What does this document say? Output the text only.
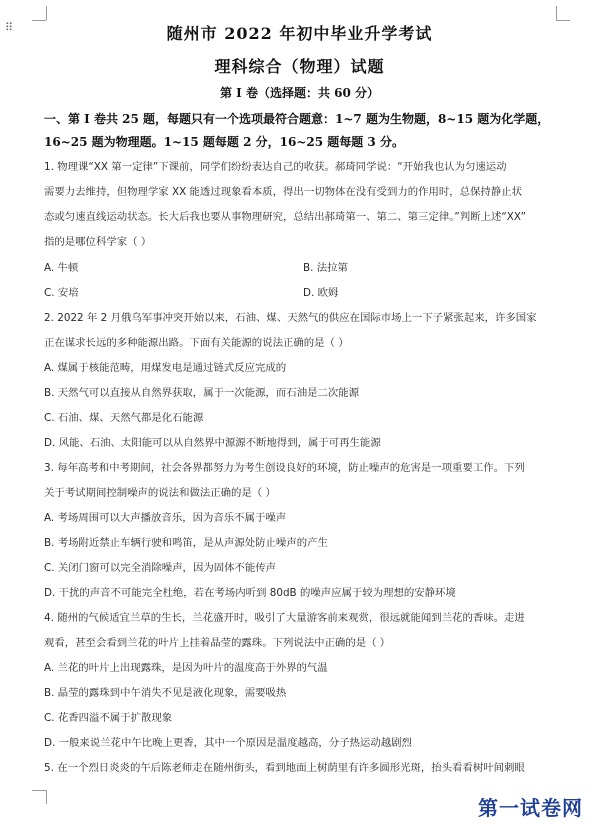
⠿	随州市 2022 年初中毕业升学考试
理科综合（物理）试题
第 I 卷（选择题：共 60 分）
一、第 I 卷共 25 题，每题只有一个选项最符合题意：1~7 题为生物题，8~15 题为化学题，16~25 题为物理题。1~15 题每题 2 分，16~25 题每题 3 分。
1. 物理课“XX 第一定律”下课前，同学们纷纷表达自己的收获。郝琦同学说：“开始我也认为匀速运动
需要力去维持，但物理学家 XX 能透过现象看本质，得出一切物体在没有受到力的作用时，总保持静止状
态或匀速直线运动状态。长大后我也要从事物理研究，总结出郝琦第一、第二、第三定律。”判断上述“XX”
指的是哪位科学家（ ）
A. 牛顿	B. 法拉第
C. 安培	D. 欧姆
2. 2022 年 2 月俄乌军事冲突开始以来，石油、煤、天然气的供应在国际市场上一下子紧张起来，许多国家
正在谋求长远的多种能源出路。下面有关能源的说法正确的是（ ）
A. 煤属于核能范畴，用煤发电是通过链式反应完成的
B. 天然气可以直接从自然界获取，属于一次能源，而石油是二次能源
C. 石油、煤、天然气都是化石能源
D. 风能、石油、太阳能可以从自然界中源源不断地得到，属于可再生能源
3. 每年高考和中考期间，社会各界都努力为考生创设良好的环境，防止噪声的危害是一项重要工作。下列
关于考试期间控制噪声的说法和做法正确的是（ ）
A. 考场周围可以大声播放音乐，因为音乐不属于噪声
B. 考场附近禁止车辆行驶和鸣笛，是从声源处防止噪声的产生
C. 关闭门窗可以完全消除噪声，因为固体不能传声
D. 干扰的声音不可能完全杜绝，若在考场内听到 80dB 的噪声应属于较为理想的安静环境
4. 随州的气候适宜兰草的生长，兰花盛开时，吸引了大量游客前来观赏，很远就能闻到兰花的香味。走进
观看，甚至会看到兰花的叶片上挂着晶莹的露珠。下列说法中正确的是（ ）
A. 兰花的叶片上出现露珠，是因为叶片的温度高于外界的气温
B. 晶莹的露珠到中午消失不见是液化现象，需要吸热
C. 花香四溢不属于扩散现象
D. 一般来说兰花中午比晚上更香，其中一个原因是温度越高，分子热运动越剧烈
5. 在一个烈日炎炎的午后陈老师走在随州街头，看到地面上树荫里有许多圆形光斑，抬头看看树叶间刺眼
第一试卷网
